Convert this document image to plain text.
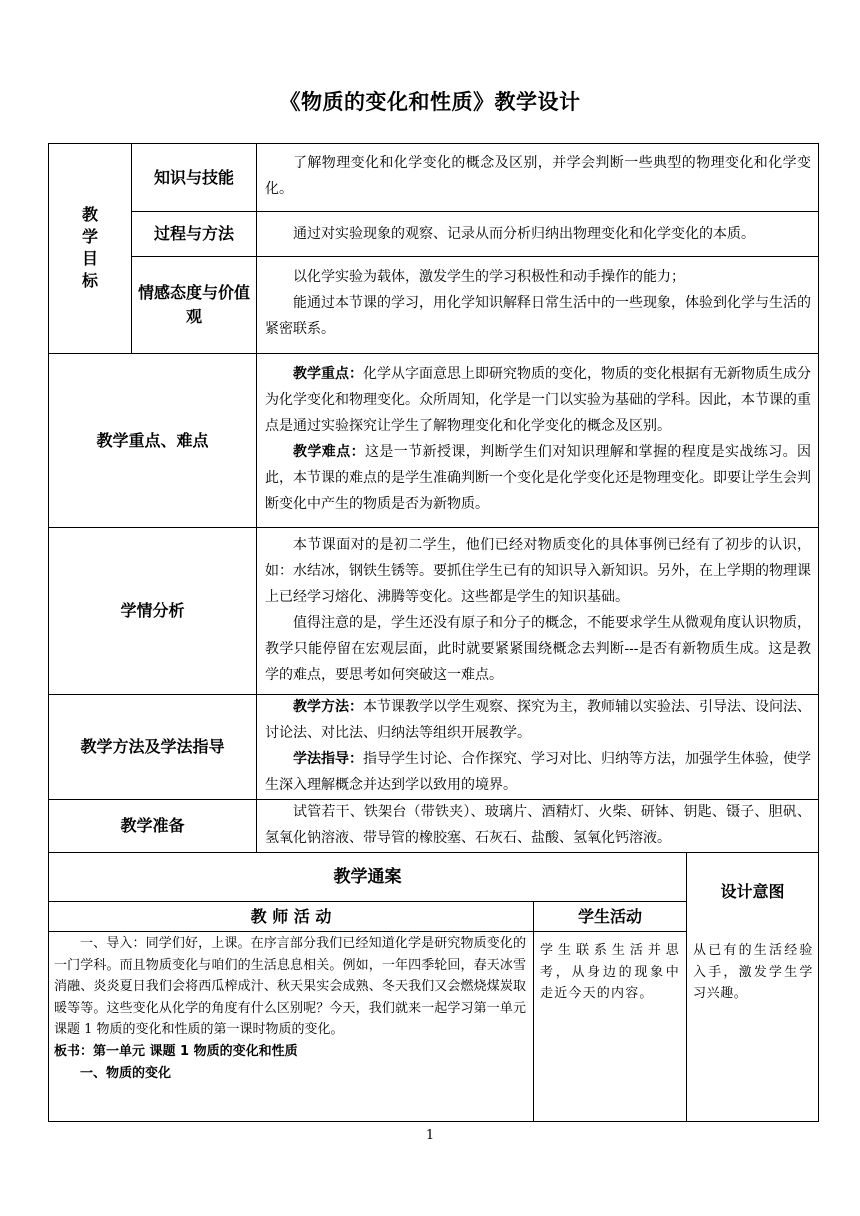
《物质的变化和性质》教学设计
教学目标
知识与技能

了解物理变化和化学变化的概念及区别，并学会判断一些典型的物理变化和化学变化。

过程与方法	通过对实验现象的观察、记录从而分析归纳出物理变化和化学变化的本质。

情感态度与价值观

以化学实验为载体，激发学生的学习积极性和动手操作的能力；

能通过本节课的学习，用化学知识解释日常生活中的一些现象，体验到化学与生活的紧密联系。

教学重点、难点

教学重点：化学从字面意思上即研究物质的变化，物质的变化根据有无新物质生成分为化学变化和物理变化。众所周知，化学是一门以实验为基础的学科。因此，本节课的重点是通过实验探究让学生了解物理变化和化学变化的概念及区别。

教学难点：这是一节新授课，判断学生们对知识理解和掌握的程度是实战练习。因此，本节课的难点的是学生准确判断一个变化是化学变化还是物理变化。即要让学生会判断变化中产生的物质是否为新物质。

学情分析

本节课面对的是初二学生，他们已经对物质变化的具体事例已经有了初步的认识，如：水结冰，钢铁生锈等。要抓住学生已有的知识导入新知识。另外，在上学期的物理课上已经学习熔化、沸腾等变化。这些都是学生的知识基础。

值得注意的是，学生还没有原子和分子的概念，不能要求学生从微观角度认识物质，教学只能停留在宏观层面，此时就要紧紧围绕概念去判断---是否有新物质生成。这是教学的难点，要思考如何突破这一难点。

教学方法及学法指导

教学方法：本节课教学以学生观察、探究为主，教师辅以实验法、引导法、设问法、讨论法、对比法、归纳法等组织开展教学。

学法指导：指导学生讨论、合作探究、学习对比、归纳等方法，加强学生体验，使学生深入理解概念并达到学以致用的境界。

教学准备

试管若干、铁架台（带铁夹）、玻璃片、酒精灯、火柴、研钵、钥匙、镊子、胆矾、氢氧化钠溶液、带导管的橡胶塞、石灰石、盐酸、氢氧化钙溶液。

教学通案
设计意图
教 师 活 动	学生活动

一、导入：同学们好，上课。在序言部分我们已经知道化学是研究物质变化的一门学科。而且物质变化与咱们的生活息息相关。例如，一年四季轮回，春天冰雪消融、炎炎夏日我们会将西瓜榨成汁、秋天果实会成熟、冬天我们又会燃烧煤炭取暖等等。这些变化从化学的角度有什么区别呢？今天，我们就来一起学习第一单元课题 1 物质的变化和性质的第一课时物质的变化。

板书：第一单元 课题 1 物质的变化和性质
一、物质的变化
学生联系生活并思考，从身边的现象中走近今天的内容。
从已有的生活经验入手，激发学生学习兴趣。
1
